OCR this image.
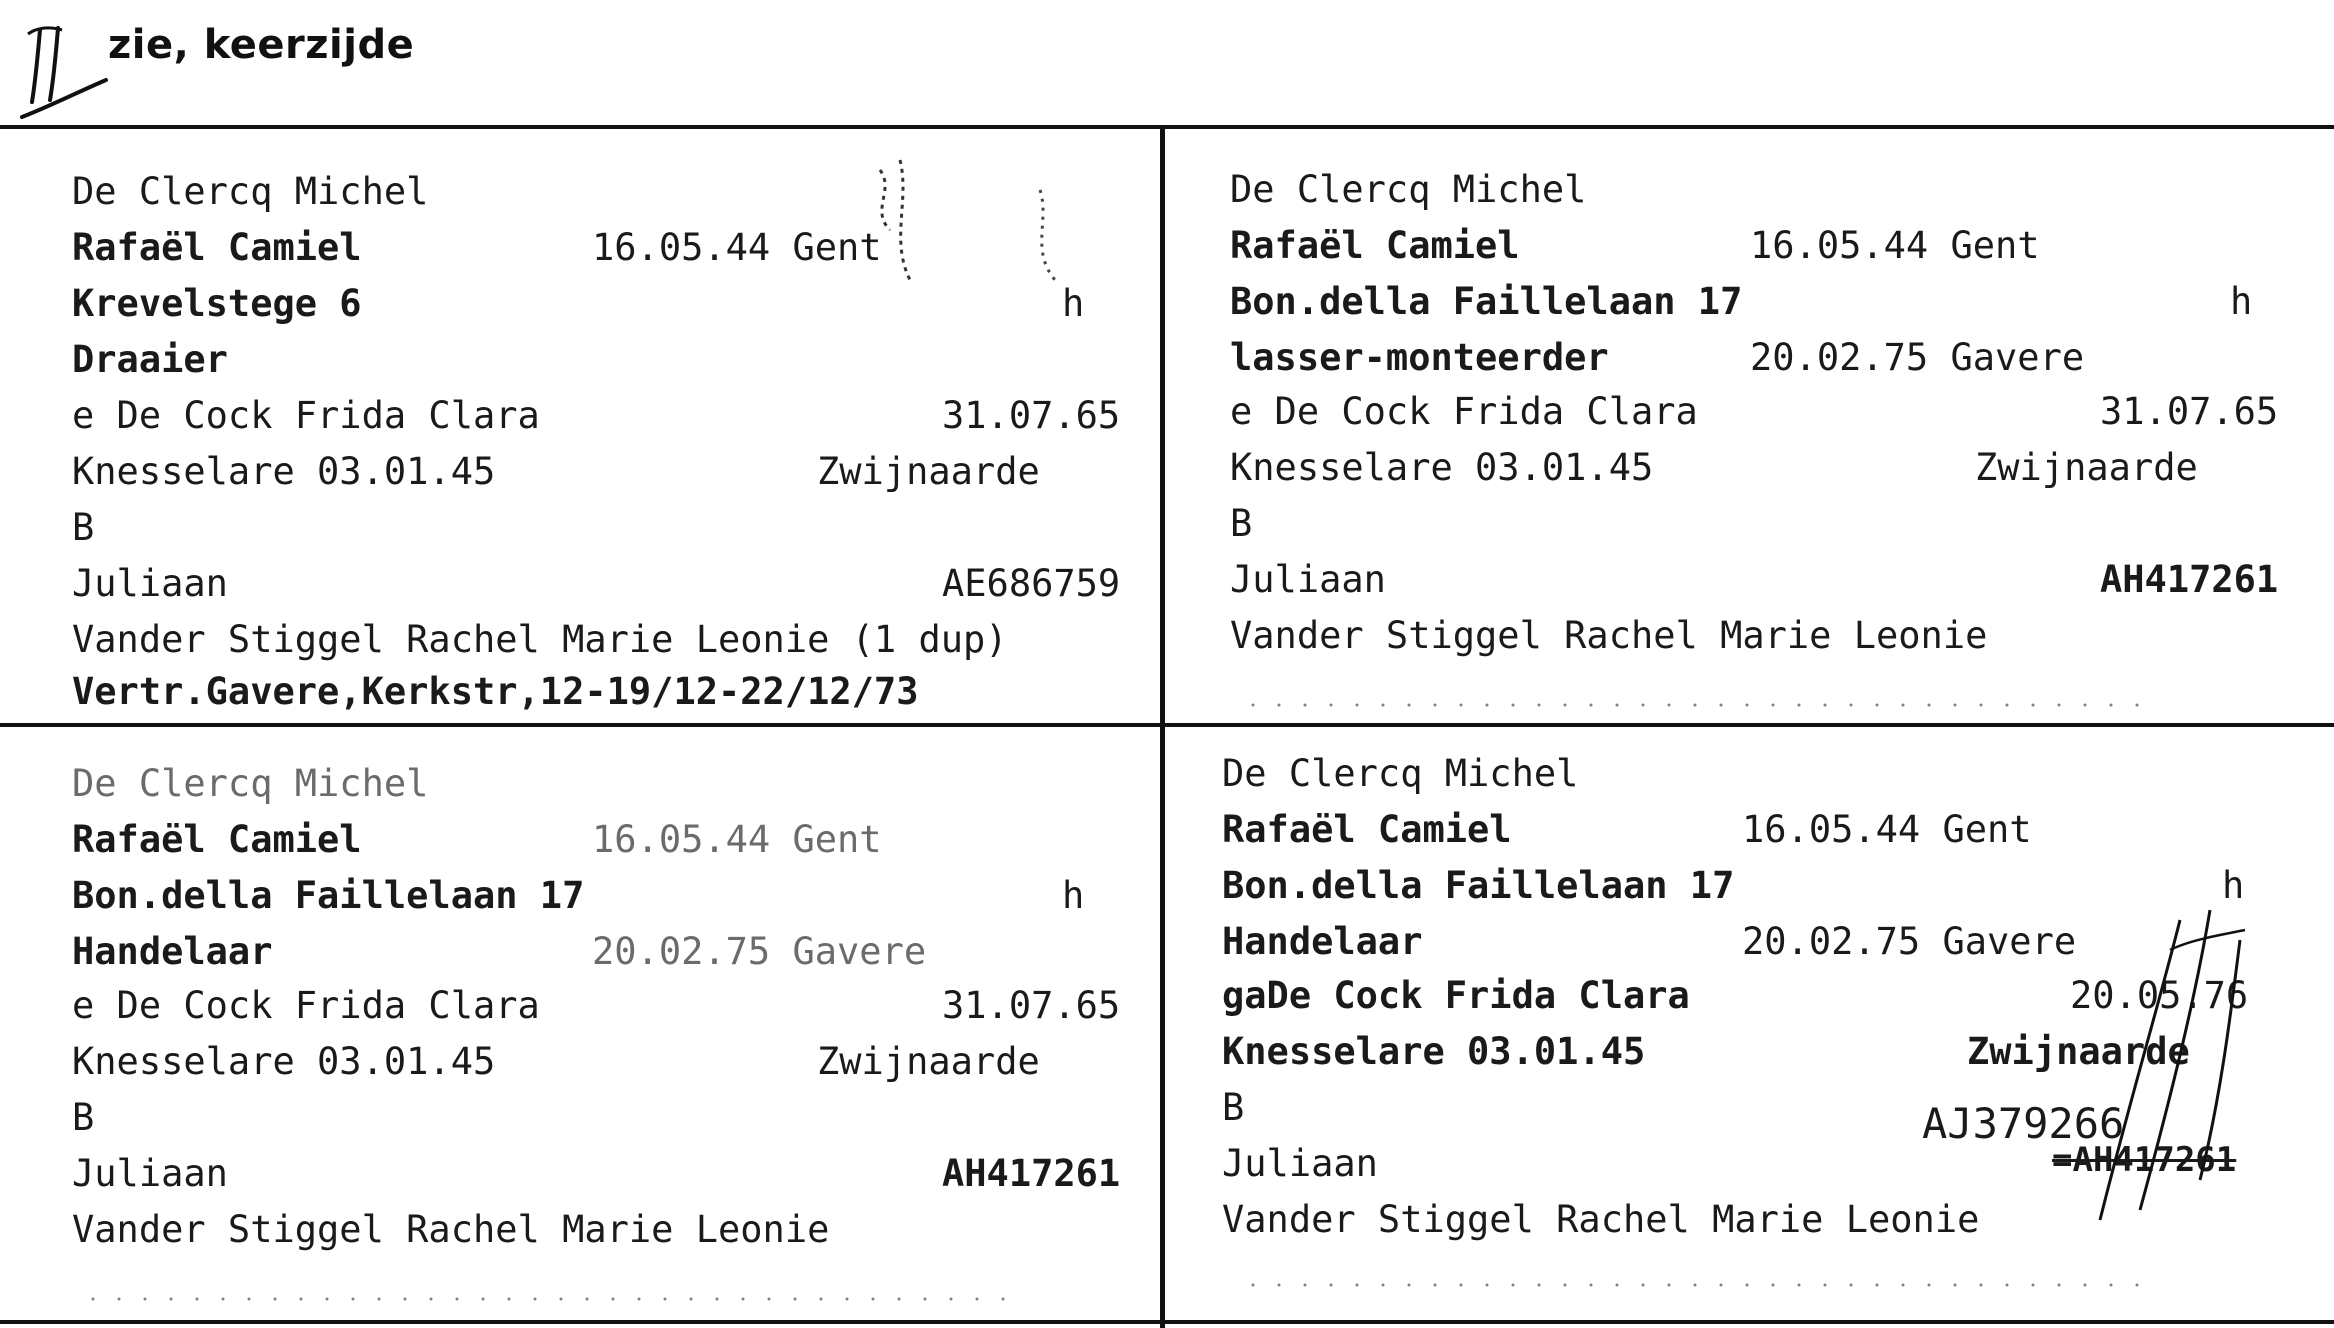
zie, keerzijde
De Clercq Michel
Rafaël Camiel	16.05.44 Gent
Krevelstege 6	h
Draaier
e De Cock Frida Clara	31.07.65
Knesselare 03.01.45	Zwijnaarde
B
Juliaan	AE686759
Vander Stiggel Rachel Marie Leonie (1 dup)
Vertr.Gavere,Kerkstr,12-19/12-22/12/73
De Clercq Michel
Rafaël Camiel	16.05.44 Gent
Bon.della Faillelaan 17	h
lasser-monteerder	20.02.75 Gavere
e De Cock Frida Clara	31.07.65
Knesselare 03.01.45	Zwijnaarde
B
Juliaan	AH417261
Vander Stiggel Rachel Marie Leonie
De Clercq Michel
Rafaël Camiel	16.05.44 Gent
Bon.della Faillelaan 17	h
Handelaar	20.02.75 Gavere
e De Cock Frida Clara	31.07.65
Knesselare 03.01.45	Zwijnaarde
B
Juliaan	AH417261
Vander Stiggel Rachel Marie Leonie
De Clercq Michel
Rafaël Camiel	16.05.44 Gent
Bon.della Faillelaan 17	h
Handelaar	20.02.75 Gavere
gaDe Cock Frida Clara	20.05.76
Knesselare 03.01.45	Zwijnaarde
B	AJ379266
Juliaan	=AH417261
Vander Stiggel Rachel Marie Leonie
